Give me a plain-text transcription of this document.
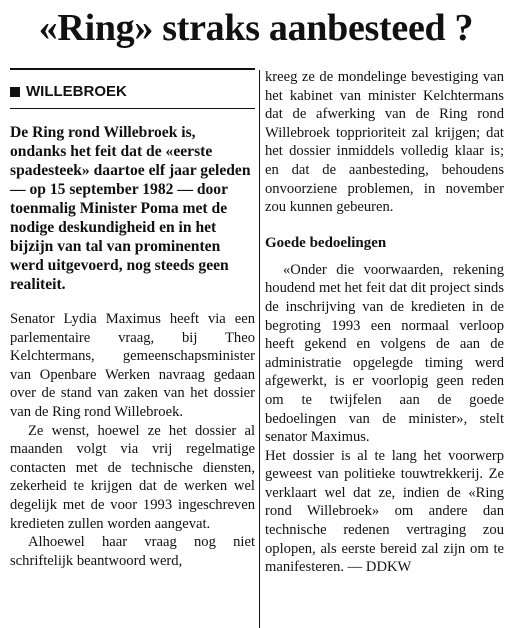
«Ring» straks aanbesteed ?
WILLEBROEK

De Ring rond Willebroek is, ondanks het feit dat de «eerste spadesteek» daartoe elf jaar geleden — op 15 september 1982 — door toenmalig Minister Poma met de nodige deskundigheid en in het bijzijn van tal van prominenten werd uitgevoerd, nog steeds geen realiteit.

Senator Lydia Maximus heeft via een parlementaire vraag, bij Theo Kelchtermans, gemeenschapsminister van Openbare Werken navraag gedaan over de stand van zaken van het dossier van de Ring rond Willebroek.

Ze wenst, hoewel ze het dossier al maanden volgt via vrij regelmatige contacten met de technische diensten, zekerheid te krijgen dat de werken wel degelijk met de voor 1993 ingeschreven kredieten zullen worden aangevat.

Alhoewel haar vraag nog niet schriftelijk beantwoord werd,

kreeg ze de mondelinge bevestiging van het kabinet van minister Kelchtermans dat de afwerking van de Ring rond Willebroek topprioriteit zal krijgen; dat het dossier inmiddels volledig klaar is; en dat de aanbesteding, behoudens onvoorziene problemen, in november zou kunnen gebeuren.

Goede bedoelingen

«Onder die voorwaarden, rekening houdend met het feit dat dit project sinds de inschrijving van de kredieten in de begroting 1993 een normaal verloop heeft gekend en volgens de aan de administratie opgelegde timing werd afgewerkt, is er voorlopig geen reden om te twijfelen aan de goede bedoelingen van de minister», stelt senator Maximus.

Het dossier is al te lang het voorwerp geweest van politieke touwtrekkerij. Ze verklaart wel dat ze, indien de «Ring rond Willebroek» om andere dan technische redenen vertraging zou oplopen, als eerste bereid zal zijn om te manifesteren. — DDKW
